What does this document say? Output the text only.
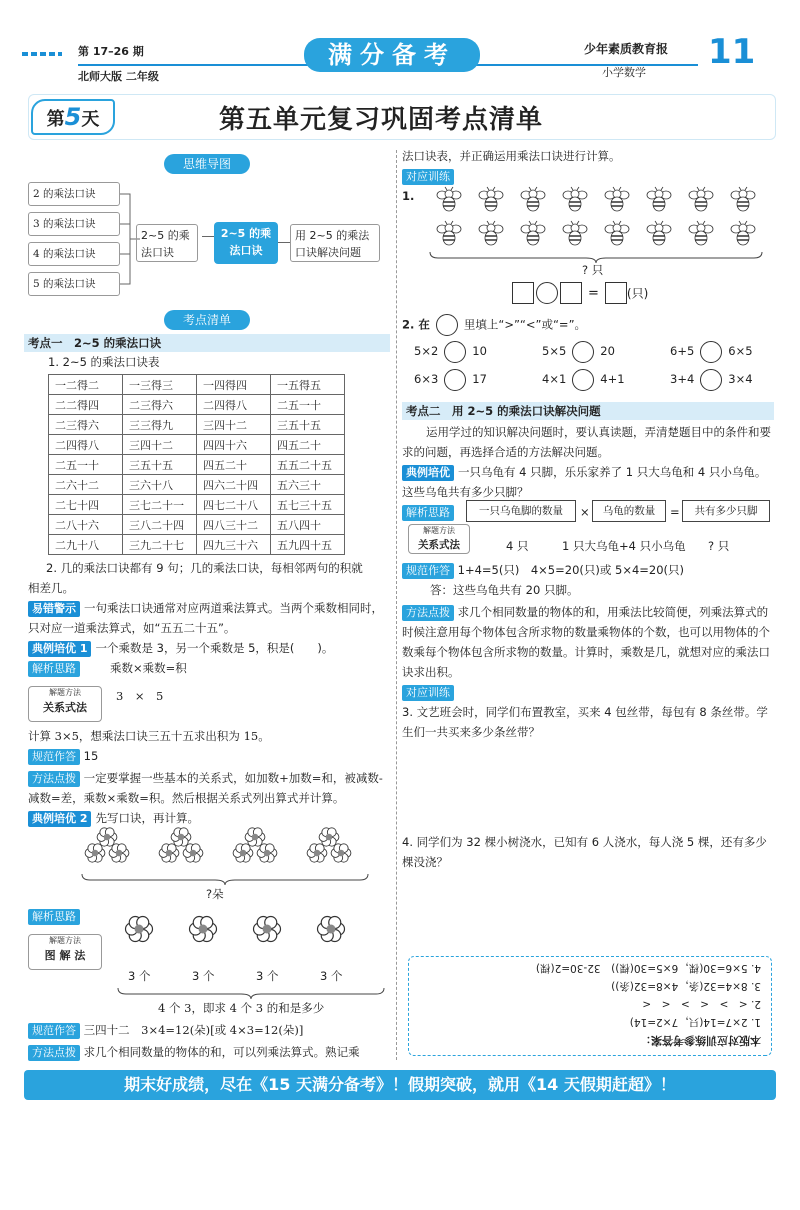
第 17–26 期	满分备考	少年素质教育报 11
北师大版 二年级	小学数学
第5天	第五单元复习巩固考点清单
思维导图
2 的乘法口诀
3 的乘法口诀
4 的乘法口诀
5 的乘法口诀
2~5 的乘法口诀
2~5 的乘法口诀
用 2~5 的乘法口诀解决问题
考点清单
考点一　2~5 的乘法口诀
1. 2~5 的乘法口诀表
一二得二	一三得三	一四得四	一五得五
二二得四	二三得六	二四得八	二五一十
二三得六	三三得九	三四十二	三五十五
二四得八	三四十二	四四十六	四五二十
二五一十	三五十五	四五二十	五五二十五
二六十二	三六十八	四六二十四	五六三十
二七十四	三七二十一	四七二十八	五七三十五
二八十六	三八二十四	四八三十二	五八四十
二九十八	三九二十七	四九三十六	五九四十五
2. 几的乘法口诀都有 9 句；几的乘法口诀，每相邻两句的积就相差几。
易错警示 一句乘法口诀通常对应两道乘法算式。当两个乘数相同时，只对应一道乘法算式，如“五五二十五”。
典例培优 1 一个乘数是 3，另一个乘数是 5，积是(　　)。
解析思路	乘数×乘数=积
解题方法
关系式法
3　×　5
计算 3×5，想乘法口诀三五十五求出积为 15。
规范作答 15
方法点拨 一定要掌握一些基本的关系式，如加数+加数=和，被减数-减数=差，乘数×乘数=积。然后根据关系式列出算式并计算。
典例培优 2 先写口诀，再计算。
?朵
解析思路
解题方法
图 解 法
3 个	3 个	3 个	3 个
4 个 3，即求 4 个 3 的和是多少
规范作答 三四十二　3×4=12(朵)[或 4×3=12(朵)]
方法点拨 求几个相同数量的物体的和，可以列乘法算式。熟记乘
法口诀表，并正确运用乘法口诀进行计算。
对应训练
1.
? 只
= (只)
2. 在	里填上“>”“<”或“=”。
5×2	10	5×5	20	6+5	6×5
6×3	17	4×1	4+1	3+4	3×4
考点二　用 2~5 的乘法口诀解决问题
运用学过的知识解决问题时，要认真读题，弄清楚题目中的条件和要求的问题，再选择合适的方法解决问题。
典例培优 一只乌龟有 4 只脚，乐乐家养了 1 只大乌龟和 4 只小乌龟。这些乌龟共有多少只脚？
解析思路	一只乌龟脚的数量	×	乌龟的数量	=	共有多少只脚
解题方法
关系式法	4 只	1 只大乌龟+4 只小乌龟 ? 只
规范作答 1+4=5(只)　4×5=20(只)或 5×4=20(只)
答：这些乌龟共有 20 只脚。
方法点拨 求几个相同数量的物体的和，用乘法比较简便，列乘法算式的时候注意用每个物体包含所求物的数量乘物体的个数，也可以用物体的个数乘每个物体包含所求物的数量。计算时，乘数是几，就想对应的乘法口诀求出积。
对应训练
3. 文艺班会时，同学们布置教室，买来 4 包丝带，每包有 8 条丝带。学生们一共买来多少条丝带？
4. 同学们为 32 棵小树浇水，已知有 6 人浇水，每人浇 5 棵，还有多少棵没浇？
本版对应训练参考答案：
1. 2×7=14(只，7×2=14)
2. <　>　<　>　<　<
3. 8×4=32(条，4×8=32(条))
4. 5×6=30(棵，6×5=30(棵))　32-30=2(棵)
期末好成绩，尽在《15 天满分备考》！假期突破，就用《14 天假期赶超》！
